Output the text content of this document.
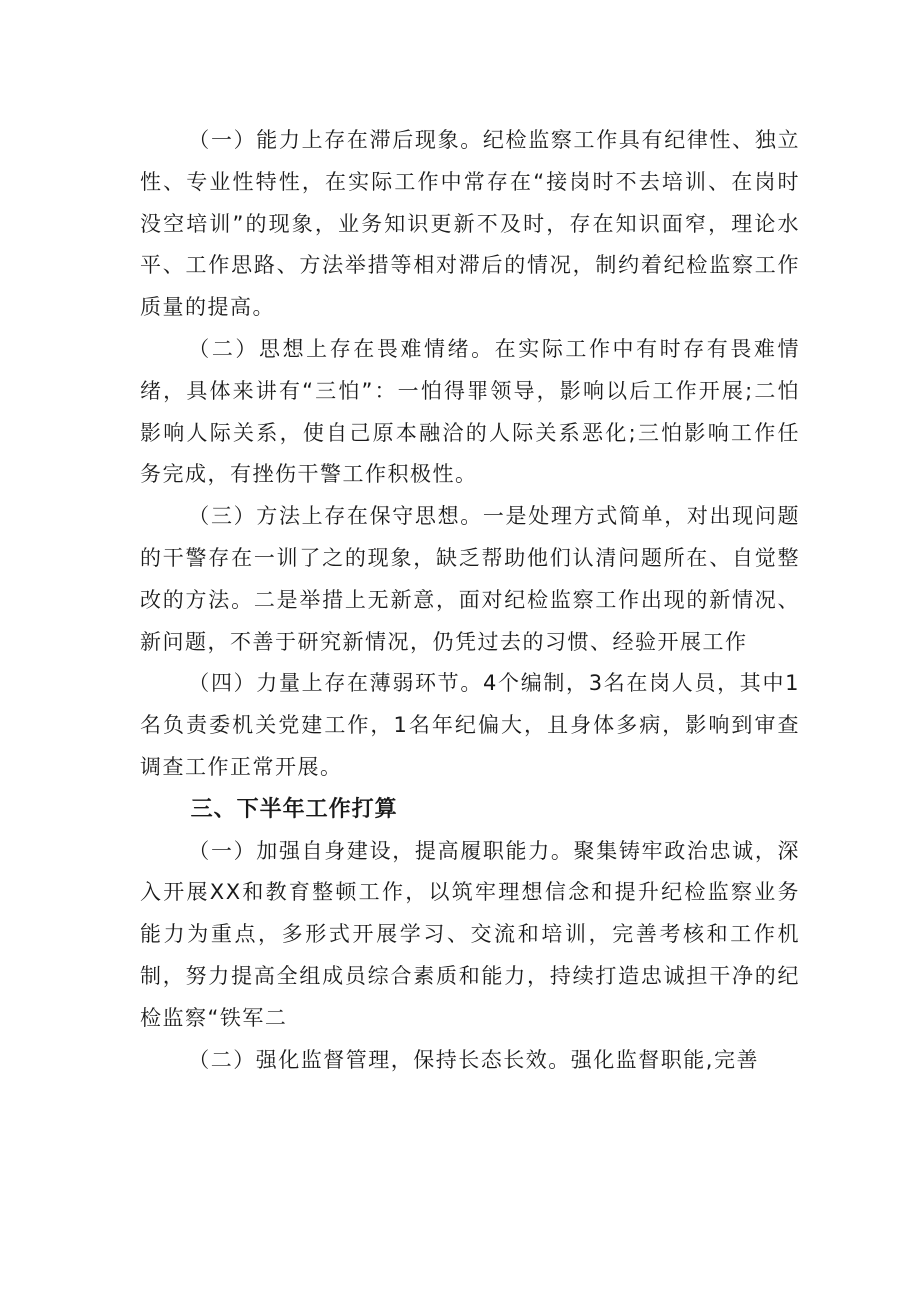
（一）能力上存在滞后现象。纪检监察工作具有纪律性、独立性、专业性特性，在实际工作中常存在“接岗时不去培训、在岗时没空培训”的现象，业务知识更新不及时，存在知识面窄，理论水平、工作思路、方法举措等相对滞后的情况，制约着纪检监察工作质量的提高。

（二）思想上存在畏难情绪。在实际工作中有时存有畏难情绪，具体来讲有“三怕”：一怕得罪领导，影响以后工作开展;二怕影响人际关系，使自己原本融洽的人际关系恶化;三怕影响工作任务完成，有挫伤干警工作积极性。

（三）方法上存在保守思想。一是处理方式简单，对出现问题的干警存在一训了之的现象，缺乏帮助他们认清问题所在、自觉整改的方法。二是举措上无新意，面对纪检监察工作出现的新情况、新问题，不善于研究新情况，仍凭过去的习惯、经验开展工作

（四）力量上存在薄弱环节。4个编制，3名在岗人员，其中1名负责委机关党建工作，1名年纪偏大，且身体多病，影响到审查调查工作正常开展。

三、下半年工作打算

（一）加强自身建设，提高履职能力。聚集铸牢政治忠诚，深入开展XX和教育整顿工作，以筑牢理想信念和提升纪检监察业务能力为重点，多形式开展学习、交流和培训，完善考核和工作机制，努力提高全组成员综合素质和能力，持续打造忠诚担干净的纪检监察“铁军二

（二）强化监督管理，保持长态长效。强化监督职能,完善
